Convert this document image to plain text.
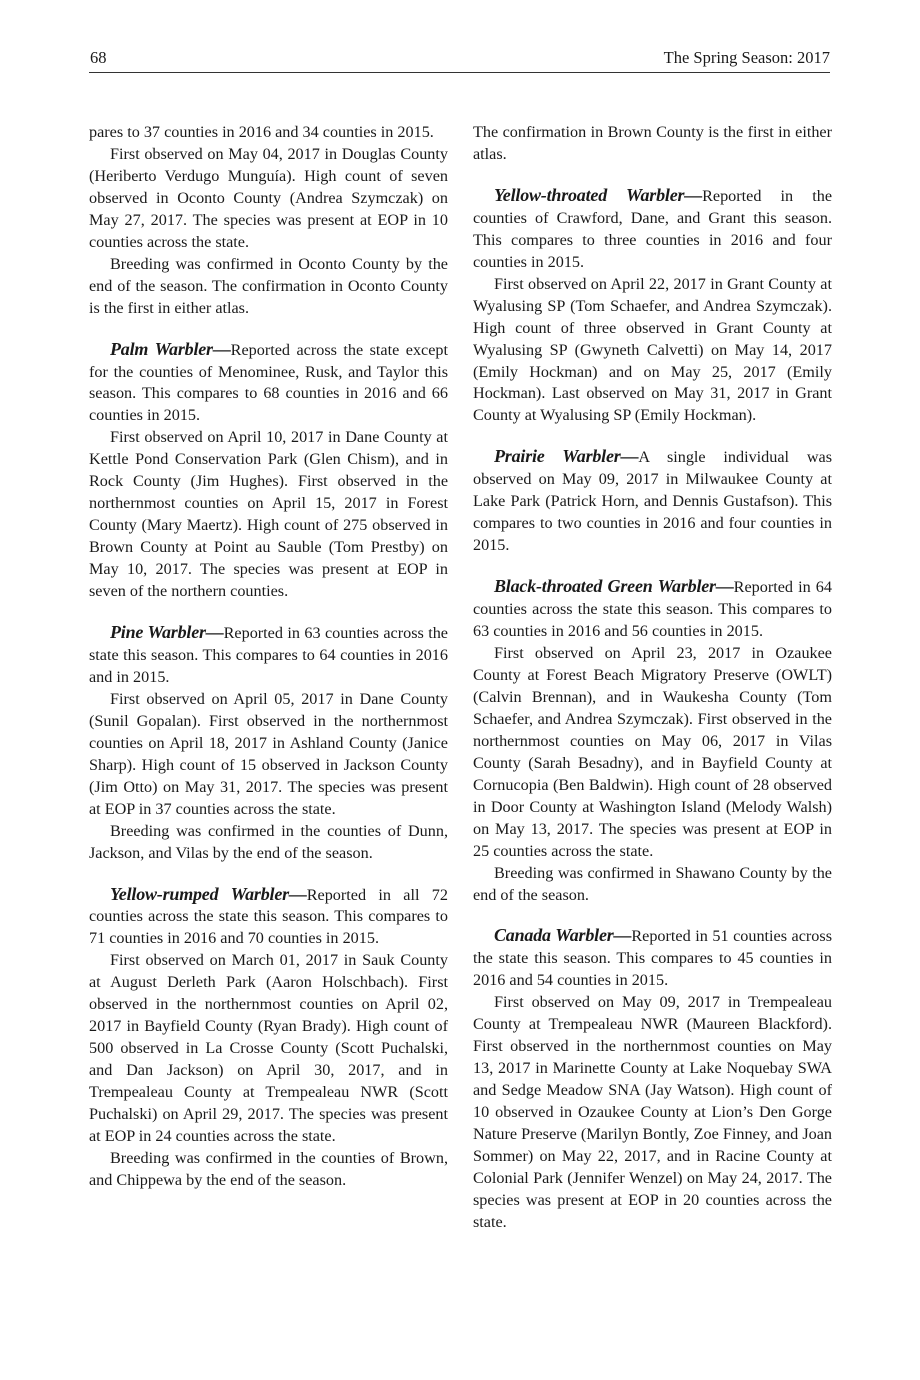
68	The Spring Season: 2017

pares to 37 counties in 2016 and 34 counties in 2015.

First observed on May 04, 2017 in Douglas County (Heriberto Verdugo Munguía). High count of seven observed in Oconto County (Andrea Szymczak) on May 27, 2017. The species was present at EOP in 10 counties across the state.

Breeding was confirmed in Oconto County by the end of the season. The confirmation in Oconto County is the first in either atlas.

Palm Warbler—Reported across the state except for the counties of Menominee, Rusk, and Taylor this season. This compares to 68 counties in 2016 and 66 counties in 2015.

First observed on April 10, 2017 in Dane County at Kettle Pond Conservation Park (Glen Chism), and in Rock County (Jim Hughes). First observed in the northernmost counties on April 15, 2017 in Forest County (Mary Maertz). High count of 275 observed in Brown County at Point au Sauble (Tom Prestby) on May 10, 2017. The species was present at EOP in seven of the northern counties.

Pine Warbler—Reported in 63 counties across the state this season. This compares to 64 counties in 2016 and in 2015.

First observed on April 05, 2017 in Dane County (Sunil Gopalan). First observed in the northernmost counties on April 18, 2017 in Ashland County (Janice Sharp). High count of 15 observed in Jackson County (Jim Otto) on May 31, 2017. The species was present at EOP in 37 counties across the state.

Breeding was confirmed in the counties of Dunn, Jackson, and Vilas by the end of the season.

Yellow-rumped Warbler—Reported in all 72 counties across the state this season. This compares to 71 counties in 2016 and 70 counties in 2015.

First observed on March 01, 2017 in Sauk County at August Derleth Park (Aaron Holschbach). First observed in the northernmost counties on April 02, 2017 in Bayfield County (Ryan Brady). High count of 500 observed in La Crosse County (Scott Puchalski, and Dan Jackson) on April 30, 2017, and in Trempealeau County at Trempealeau NWR (Scott Puchalski) on April 29, 2017. The species was present at EOP in 24 counties across the state.

Breeding was confirmed in the counties of Brown, and Chippewa by the end of the season.

The confirmation in Brown County is the first in either atlas.

Yellow-throated Warbler—Reported in the counties of Crawford, Dane, and Grant this season. This compares to three counties in 2016 and four counties in 2015.

First observed on April 22, 2017 in Grant County at Wyalusing SP (Tom Schaefer, and Andrea Szymczak). High count of three observed in Grant County at Wyalusing SP (Gwyneth Calvetti) on May 14, 2017 (Emily Hockman) and on May 25, 2017 (Emily Hockman). Last observed on May 31, 2017 in Grant County at Wyalusing SP (Emily Hockman).

Prairie Warbler—A single individual was observed on May 09, 2017 in Milwaukee County at Lake Park (Patrick Horn, and Dennis Gustafson). This compares to two counties in 2016 and four counties in 2015.

Black-throated Green Warbler—Reported in 64 counties across the state this season. This compares to 63 counties in 2016 and 56 counties in 2015.

First observed on April 23, 2017 in Ozaukee County at Forest Beach Migratory Preserve (OWLT) (Calvin Brennan), and in Waukesha County (Tom Schaefer, and Andrea Szymczak). First observed in the northernmost counties on May 06, 2017 in Vilas County (Sarah Besadny), and in Bayfield County at Cornucopia (Ben Baldwin). High count of 28 observed in Door County at Washington Island (Melody Walsh) on May 13, 2017. The species was present at EOP in 25 counties across the state.

Breeding was confirmed in Shawano County by the end of the season.

Canada Warbler—Reported in 51 counties across the state this season. This compares to 45 counties in 2016 and 54 counties in 2015.

First observed on May 09, 2017 in Trempealeau County at Trempealeau NWR (Maureen Blackford). First observed in the northernmost counties on May 13, 2017 in Marinette County at Lake Noquebay SWA and Sedge Meadow SNA (Jay Watson). High count of 10 observed in Ozaukee County at Lion’s Den Gorge Nature Preserve (Marilyn Bontly, Zoe Finney, and Joan Sommer) on May 22, 2017, and in Racine County at Colonial Park (Jennifer Wenzel) on May 24, 2017. The species was present at EOP in 20 counties across the state.
